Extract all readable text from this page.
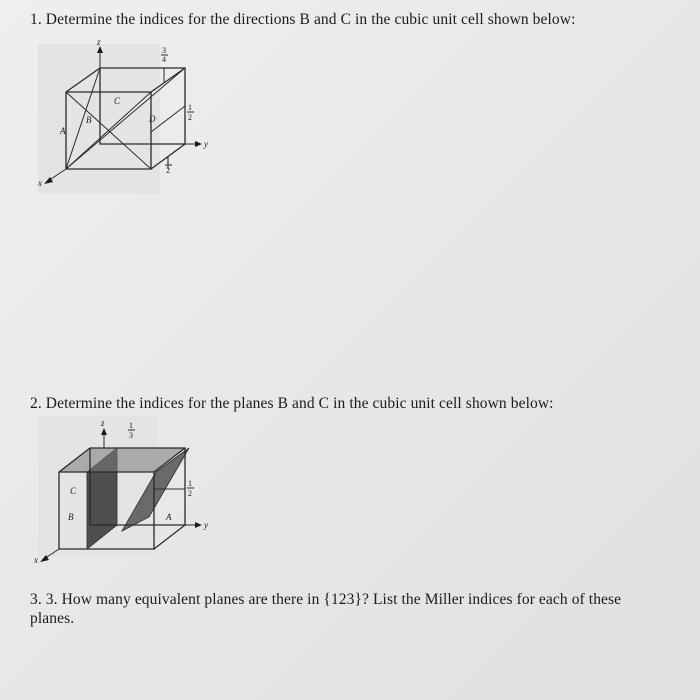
1. Determine the indices for the directions B and C in the cubic unit cell shown below:
z
y
x
A
B
C
D
3
4
1
2
1
2
2. Determine the indices for the planes B and C in the cubic unit cell shown below:
z
y
x
A
B
C
1
3
1
2
3. 3. How many equivalent planes are there in {123}? List the Miller indices for each of these planes.
